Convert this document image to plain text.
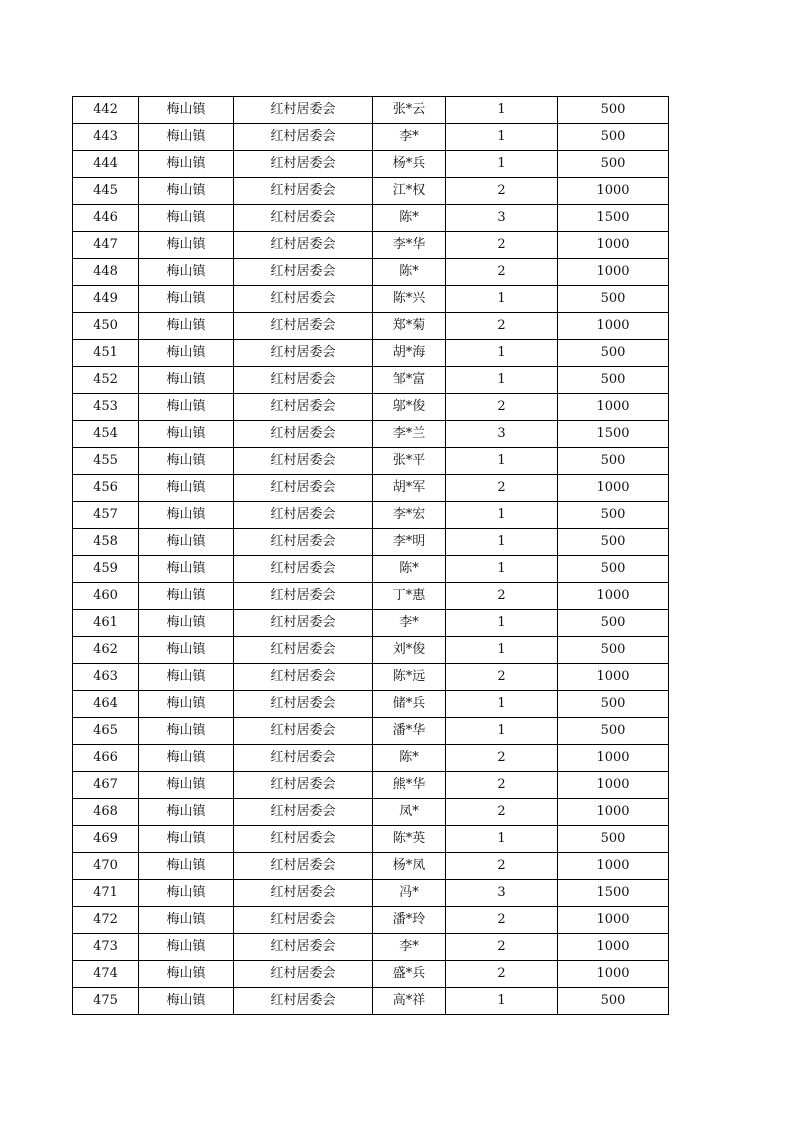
442	梅山镇	红村居委会	张*云	1	500
443	梅山镇	红村居委会	李*	1	500
444	梅山镇	红村居委会	杨*兵	1	500
445	梅山镇	红村居委会	江*权	2	1000
446	梅山镇	红村居委会	陈*	3	1500
447	梅山镇	红村居委会	李*华	2	1000
448	梅山镇	红村居委会	陈*	2	1000
449	梅山镇	红村居委会	陈*兴	1	500
450	梅山镇	红村居委会	郑*菊	2	1000
451	梅山镇	红村居委会	胡*海	1	500
452	梅山镇	红村居委会	邹*富	1	500
453	梅山镇	红村居委会	邬*俊	2	1000
454	梅山镇	红村居委会	李*兰	3	1500
455	梅山镇	红村居委会	张*平	1	500
456	梅山镇	红村居委会	胡*军	2	1000
457	梅山镇	红村居委会	李*宏	1	500
458	梅山镇	红村居委会	李*明	1	500
459	梅山镇	红村居委会	陈*	1	500
460	梅山镇	红村居委会	丁*惠	2	1000
461	梅山镇	红村居委会	李*	1	500
462	梅山镇	红村居委会	刘*俊	1	500
463	梅山镇	红村居委会	陈*远	2	1000
464	梅山镇	红村居委会	储*兵	1	500
465	梅山镇	红村居委会	潘*华	1	500
466	梅山镇	红村居委会	陈*	2	1000
467	梅山镇	红村居委会	熊*华	2	1000
468	梅山镇	红村居委会	凤*	2	1000
469	梅山镇	红村居委会	陈*英	1	500
470	梅山镇	红村居委会	杨*凤	2	1000
471	梅山镇	红村居委会	冯*	3	1500
472	梅山镇	红村居委会	潘*玲	2	1000
473	梅山镇	红村居委会	李*	2	1000
474	梅山镇	红村居委会	盛*兵	2	1000
475	梅山镇	红村居委会	高*祥	1	500
